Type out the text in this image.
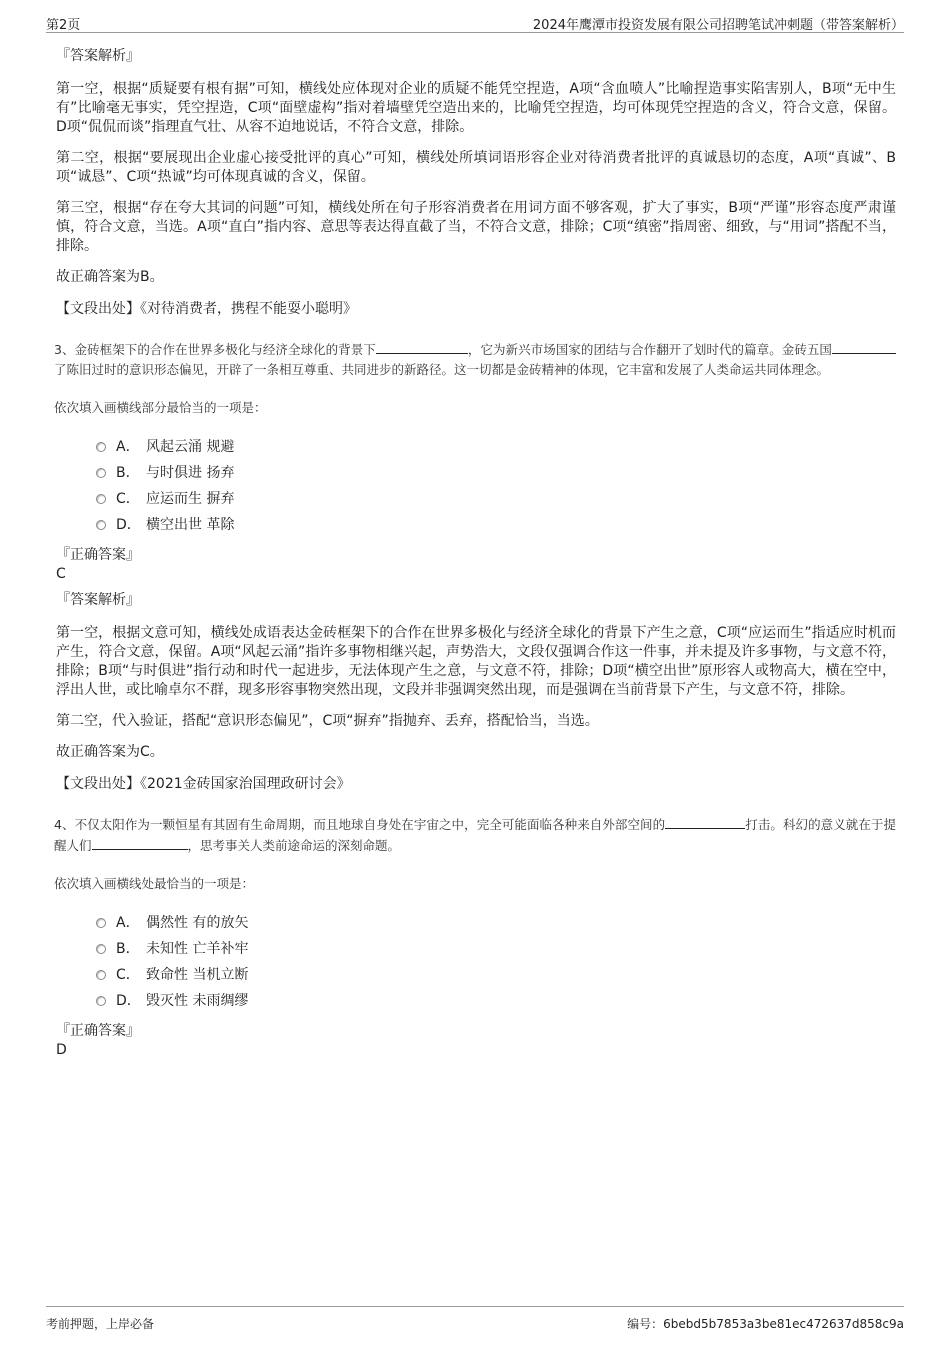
第2页	2024年鹰潭市投资发展有限公司招聘笔试冲刺题（带答案解析）

『答案解析』

第一空，根据“质疑要有根有据”可知，横线处应体现对企业的质疑不能凭空捏造，A项“含血喷人”比喻捏造事实陷害别人，B项“无中生有”比喻毫无事实，凭空捏造，C项“面壁虚构”指对着墙壁凭空造出来的，比喻凭空捏造，均可体现凭空捏造的含义，符合文意，保留。D项“侃侃而谈”指理直气壮、从容不迫地说话，不符合文意，排除。

第二空，根据“要展现出企业虚心接受批评的真心”可知，横线处所填词语形容企业对待消费者批评的真诚恳切的态度，A项“真诚”、B项“诚恳”、C项“热诚”均可体现真诚的含义，保留。

第三空，根据“存在夸大其词的问题”可知，横线处所在句子形容消费者在用词方面不够客观，扩大了事实，B项“严谨”形容态度严肃谨慎，符合文意，当选。A项“直白”指内容、意思等表达得直截了当，不符合文意，排除；C项“缜密”指周密、细致，与“用词”搭配不当，排除。

故正确答案为B。

【文段出处】《对待消费者，携程不能耍小聪明》

3、金砖框架下的合作在世界多极化与经济全球化的背景下	，它为新兴市场国家的团结与合作翻开了划时代的篇章。金砖五国了陈旧过时的意识形态偏见，开辟了一条相互尊重、共同进步的新路径。这一切都是金砖精神的体现，它丰富和发展了人类命运共同体理念。

依次填入画横线部分最恰当的一项是：

A． 风起云涌 规避
B． 与时俱进 扬弃
C． 应运而生 摒弃
D． 横空出世 革除

『正确答案』

C

『答案解析』

第一空，根据文意可知，横线处成语表达金砖框架下的合作在世界多极化与经济全球化的背景下产生之意，C项“应运而生”指适应时机而产生，符合文意，保留。A项“风起云涌”指许多事物相继兴起，声势浩大，文段仅强调合作这一件事，并未提及许多事物，与文意不符，排除；B项“与时俱进”指行动和时代一起进步，无法体现产生之意，与文意不符，排除；D项“横空出世”原形容人或物高大，横在空中，浮出人世，或比喻卓尔不群，现多形容事物突然出现，文段并非强调突然出现，而是强调在当前背景下产生，与文意不符，排除。

第二空，代入验证，搭配“意识形态偏见”，C项“摒弃”指抛弃、丢弃，搭配恰当，当选。

故正确答案为C。

【文段出处】《2021金砖国家治国理政研讨会》

4、不仅太阳作为一颗恒星有其固有生命周期，而且地球自身处在宇宙之中，完全可能面临各种来自外部空间的	打击。科幻的意义就在于提醒人们	，思考事关人类前途命运的深刻命题。

依次填入画横线处最恰当的一项是：

A． 偶然性 有的放矢
B． 未知性 亡羊补牢
C． 致命性 当机立断
D． 毁灭性 未雨绸缪

『正确答案』

D

考前押题，上岸必备	编号：6bebd5b7853a3be81ec472637d858c9a
